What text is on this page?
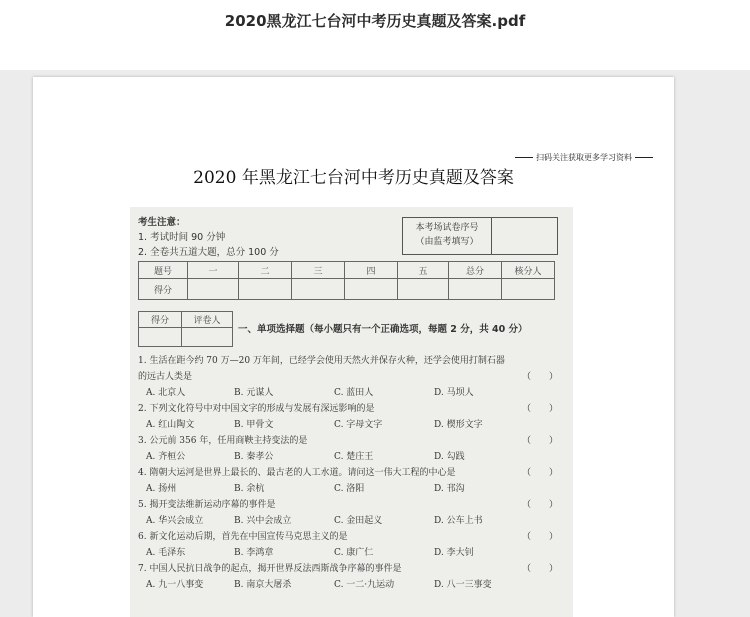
2020黑龙江七台河中考历史真题及答案.pdf
扫码关注获取更多学习资料
2020 年黑龙江七台河中考历史真题及答案
考生注意：
1. 考试时间 90 分钟
2. 全卷共五道大题，总分 100 分
本考场试卷序号
（由监考填写）
题号	一	二	三	四	五	总分	核分人
得分							
得分	评卷人

一、单项选择题（每小题只有一个正确选项，每题 2 分，共 40 分）
1. 生活在距今约 70 万—20 万年间，已经学会使用天然火并保存火种，还学会使用打制石器
的远古人类是	（　　）
A. 北京人	B. 元谋人	C. 蓝田人	D. 马坝人
2. 下列文化符号中对中国文字的形成与发展有深远影响的是	（　　）
A. 红山陶文	B. 甲骨文	C. 字母文字	D. 楔形文字
3. 公元前 356 年，任用商鞅主持变法的是	（　　）
A. 齐桓公	B. 秦孝公	C. 楚庄王	D. 勾践
4. 隋朝大运河是世界上最长的、最古老的人工水道。请问这一伟大工程的中心是	（　　）
A. 扬州	B. 余杭	C. 洛阳	D. 邗沟
5. 揭开变法维新运动序幕的事件是	（　　）
A. 华兴会成立	B. 兴中会成立	C. 金田起义	D. 公车上书
6. 新文化运动后期，首先在中国宣传马克思主义的是	（　　）
A. 毛泽东	B. 李鸿章	C. 康广仁	D. 李大钊
7. 中国人民抗日战争的起点，揭开世界反法西斯战争序幕的事件是	（　　）
A. 九一八事变	B. 南京大屠杀	C. 一二·九运动	D. 八一三事变
